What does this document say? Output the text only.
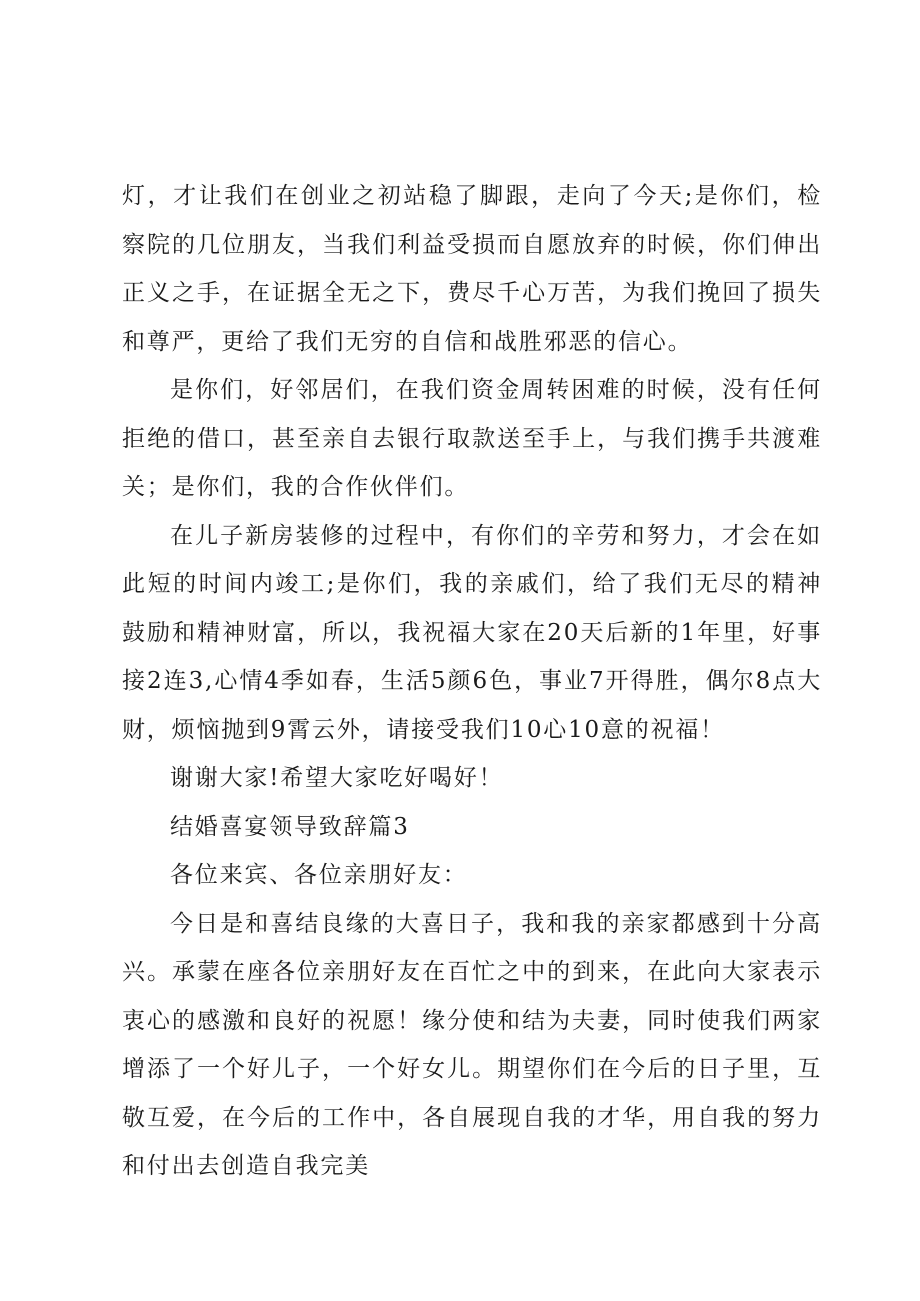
灯，才让我们在创业之初站稳了脚跟，走向了今天;是你们，检察院的几位朋友，当我们利益受损而自愿放弃的时候，你们伸出正义之手，在证据全无之下，费尽千心万苦，为我们挽回了损失和尊严，更给了我们无穷的自信和战胜邪恶的信心。

是你们，好邻居们，在我们资金周转困难的时候，没有任何拒绝的借口，甚至亲自去银行取款送至手上，与我们携手共渡难关；是你们，我的合作伙伴们。

在儿子新房装修的过程中，有你们的辛劳和努力，才会在如此短的时间内竣工;是你们，我的亲戚们，给了我们无尽的精神鼓励和精神财富，所以，我祝福大家在20天后新的1年里，好事接2连3,心情4季如春，生活5颜6色，事业7开得胜，偶尔8点大财，烦恼抛到9霄云外，请接受我们10心10意的祝福！

谢谢大家!希望大家吃好喝好！

结婚喜宴领导致辞篇3

各位来宾、各位亲朋好友：

今日是和喜结良缘的大喜日子，我和我的亲家都感到十分高兴。承蒙在座各位亲朋好友在百忙之中的到来，在此向大家表示衷心的感激和良好的祝愿！缘分使和结为夫妻，同时使我们两家增添了一个好儿子，一个好女儿。期望你们在今后的日子里，互敬互爱，在今后的工作中，各自展现自我的才华，用自我的努力和付出去创造自我完美
